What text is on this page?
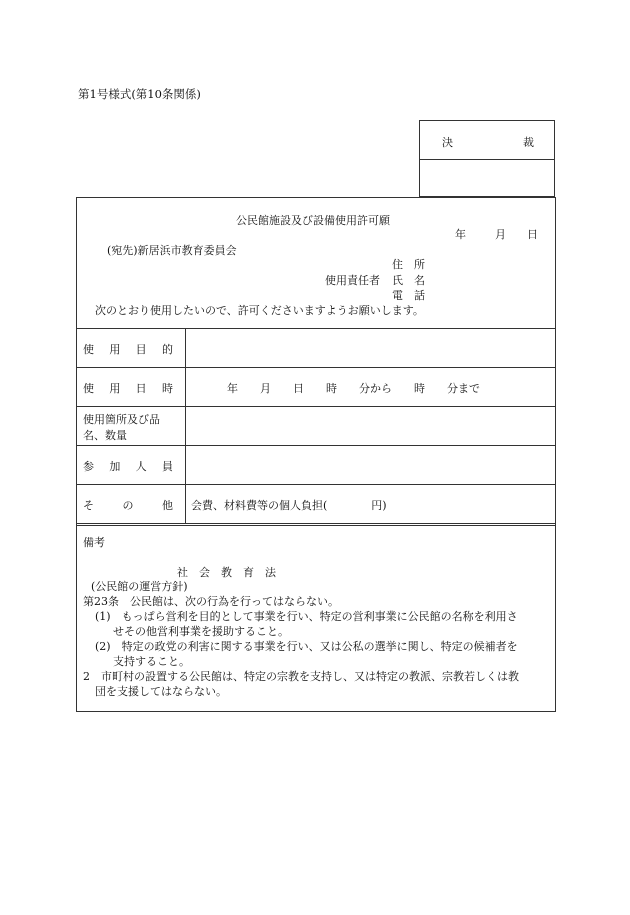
第1号様式(第10条関係)
決	裁
公民館施設及び設備使用許可願
年	月 日
(宛先)新居浜市教育委員会
住　所
使用責任者 氏　名
電　話
次のとおり使用したいので、許可くださいますようお願いします。
使 用 目 的
使 用 日 時	年　　月　　日　　時　　分から　　時　　分まで
使用箇所及び品
名、数量
参 加 人 員
そ	の	他 会費、材料費等の個人負担(　　　　円)
備考
社　会　教　育　法
(公民館の運営方針)
第23条　公民館は、次の行為を行ってはならない。
(1)　もっぱら営利を目的として事業を行い、特定の営利事業に公民館の名称を利用さ
せその他営利事業を援助すること。
(2)　特定の政党の利害に関する事業を行い、又は公私の選挙に関し、特定の候補者を
支持すること。
2　市町村の設置する公民館は、特定の宗教を支持し、又は特定の教派、宗教若しくは教
団を支援してはならない。
